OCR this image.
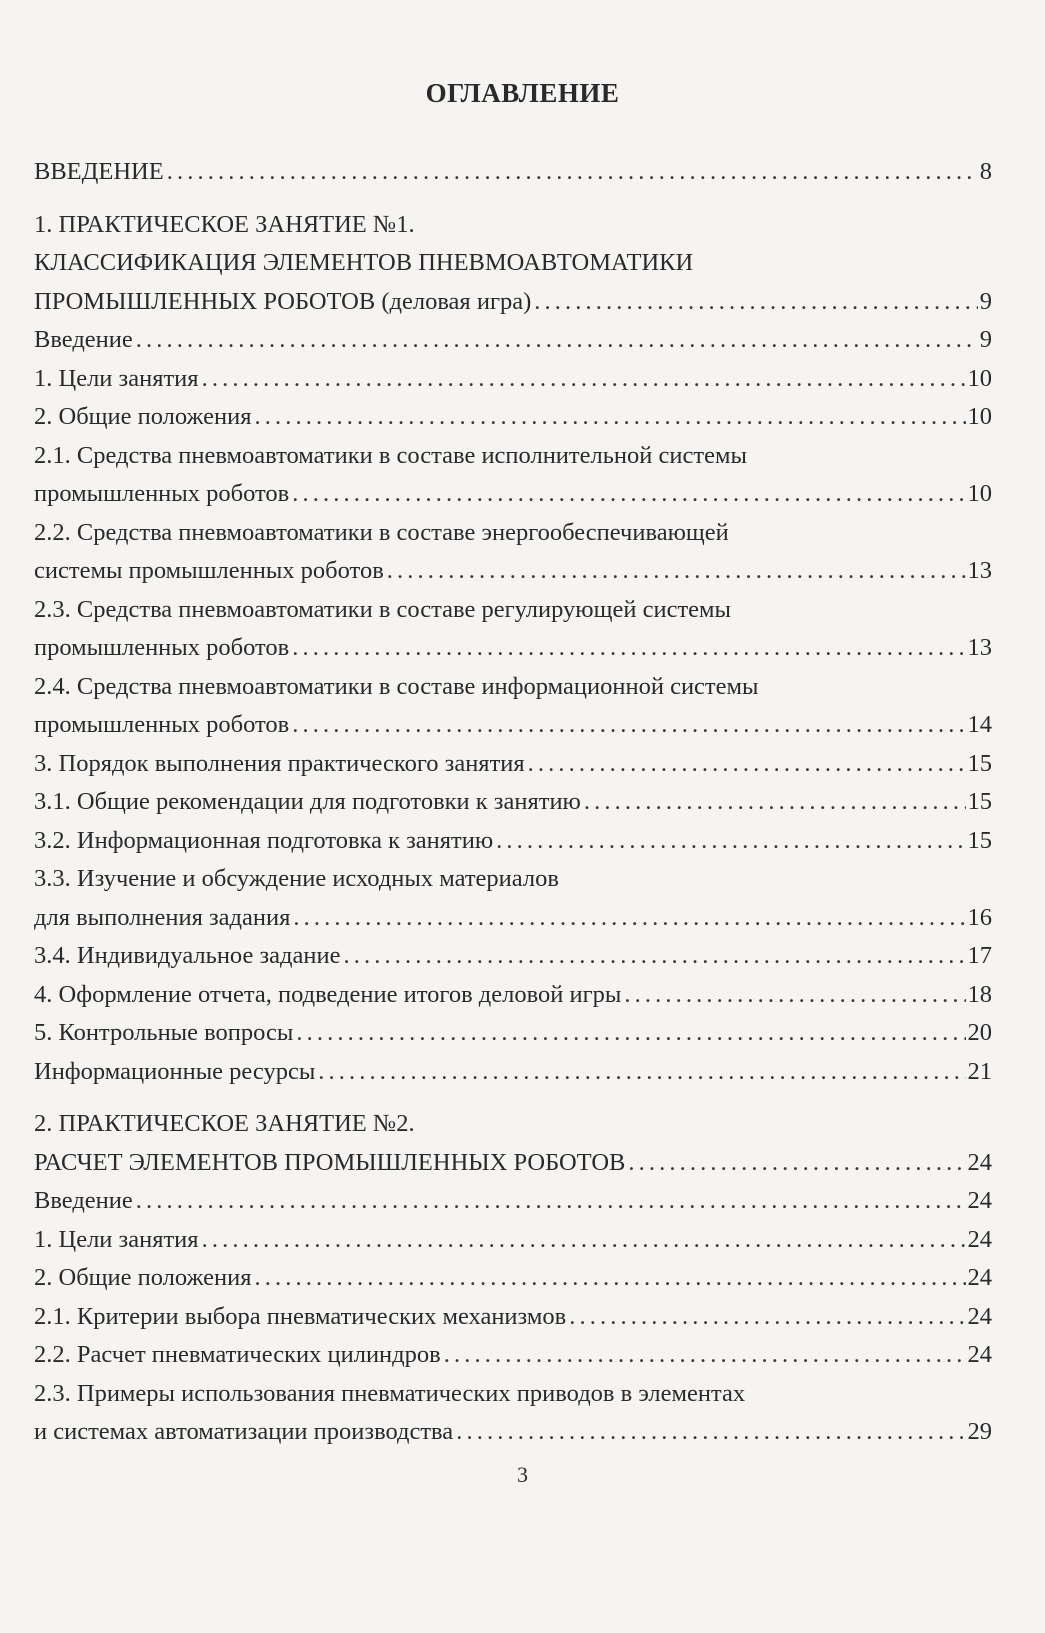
ОГЛАВЛЕНИЕ
ВВЕДЕНИЕ . . .	8
1. ПРАКТИЧЕСКОЕ ЗАНЯТИЕ №1.
КЛАССИФИКАЦИЯ ЭЛЕМЕНТОВ ПНЕВМОАВТОМАТИКИ
ПРОМЫШЛЕННЫХ РОБОТОВ (деловая игра) . . .	9
Введение . . .	9
1. Цели занятия . . .	10
2. Общие положения . . .	10
2.1. Средства пневмоавтоматики в составе исполнительной системы
промышленных роботов . . .	10
2.2. Средства пневмоавтоматики в составе энергообеспечивающей
системы промышленных роботов . . .	13
2.3. Средства пневмоавтоматики в составе регулирующей системы
промышленных роботов . . .	13
2.4. Средства пневмоавтоматики в составе информационной системы
промышленных роботов . . .	14
3. Порядок выполнения практического занятия . . .	15
3.1. Общие рекомендации для подготовки к занятию . . .	15
3.2. Информационная подготовка к занятию . . .	15
3.3. Изучение и обсуждение исходных материалов
для выполнения задания . . .	16
3.4. Индивидуальное задание . . .	17
4. Оформление отчета, подведение итогов деловой игры . . .	18
5. Контрольные вопросы . . .	20
Информационные ресурсы . . .	21
2. ПРАКТИЧЕСКОЕ ЗАНЯТИЕ №2.
РАСЧЕТ ЭЛЕМЕНТОВ ПРОМЫШЛЕННЫХ РОБОТОВ . . .	24
Введение . . .	24
1. Цели занятия . . .	24
2. Общие положения . . .	24
2.1. Критерии выбора пневматических механизмов . . .	24
2.2. Расчет пневматических цилиндров . . .	24
2.3. Примеры использования пневматических приводов в элементах
и системах автоматизации производства . . .	29
3
